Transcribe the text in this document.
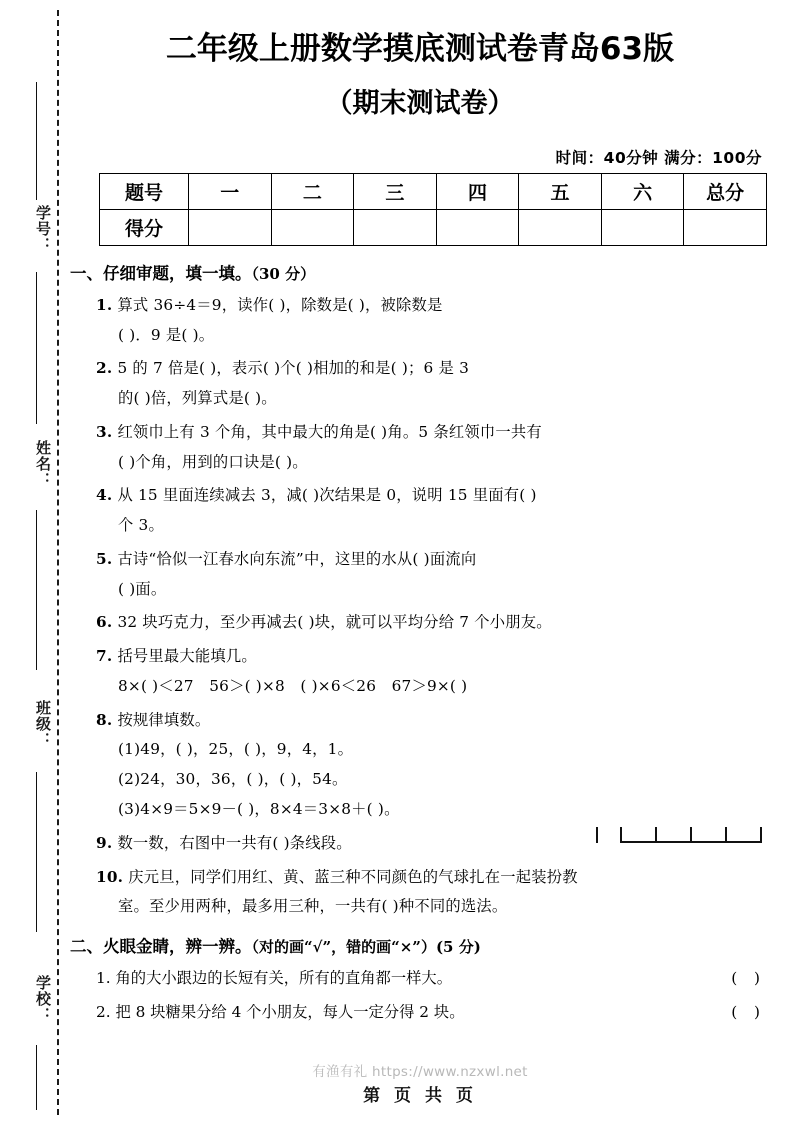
学号：
姓名：
班级：
学校：
二年级上册数学摸底测试卷青岛63版
（期末测试卷）
时间：40分钟 满分：100分
题号	一	二	三	四	五	六	总分
得分							
一、仔细审题，填一填。（30 分）
1. 算式 36÷4＝9，读作( )，除数是( )，被除数是
( )．9 是( )。
2. 5 的 7 倍是( )，表示( )个( )相加的和是( )；6 是 3
的( )倍，列算式是( )。
3. 红领巾上有 3 个角，其中最大的角是( )角。5 条红领巾一共有
( )个角，用到的口诀是( )。
4. 从 15 里面连续减去 3，减( )次结果是 0，说明 15 里面有( )
个 3。
5. 古诗“恰似一江春水向东流”中，这里的水从( )面流向
( )面。
6. 32 块巧克力，至少再减去( )块，就可以平均分给 7 个小朋友。
7. 括号里最大能填几。
8×( )＜27　56＞( )×8　( )×6＜26　67＞9×( )
8. 按规律填数。
(1)49，( )，25，( )，9，4，1。
(2)24，30，36，( )，( )，54。
(3)4×9＝5×9－( )，8×4＝3×8＋( )。
9. 数一数，右图中一共有( )条线段。
10. 庆元旦，同学们用红、黄、蓝三种不同颜色的气球扎在一起装扮教
室。至少用两种，最多用三种，一共有( )种不同的选法。
二、火眼金睛，辨一辨。（对的画“√”，错的画“×”）(5 分)
1. 角的大小跟边的长短有关，所有的直角都一样大。	( )
2. 把 8 块糖果分给 4 个小朋友，每人一定分得 2 块。	( )
有渔有礼 https://www.nzxwl.net
第 页 共 页
